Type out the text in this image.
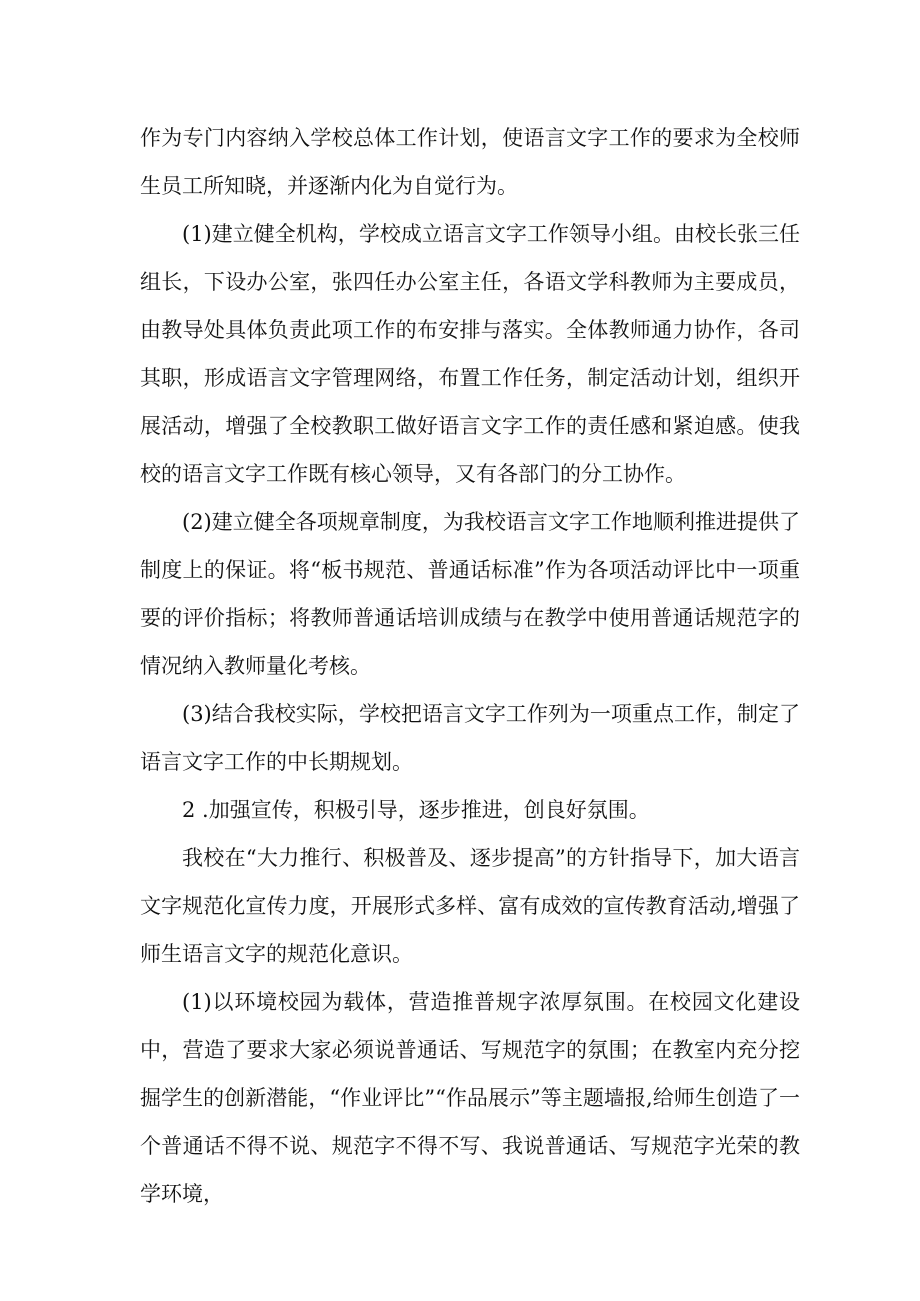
作为专门内容纳入学校总体工作计划，使语言文字工作的要求为全校师生员工所知晓，并逐渐内化为自觉行为。

(1)建立健全机构，学校成立语言文字工作领导小组。由校长张三任组长，下设办公室，张四任办公室主任，各语文学科教师为主要成员，由教导处具体负责此项工作的布安排与落实。全体教师通力协作，各司其职，形成语言文字管理网络，布置工作任务，制定活动计划，组织开展活动，增强了全校教职工做好语言文字工作的责任感和紧迫感。使我校的语言文字工作既有核心领导，又有各部门的分工协作。

(2)建立健全各项规章制度，为我校语言文字工作地顺利推进提供了制度上的保证。将“板书规范、普通话标准”作为各项活动评比中一项重要的评价指标；将教师普通话培训成绩与在教学中使用普通话规范字的情况纳入教师量化考核。

(3)结合我校实际，学校把语言文字工作列为一项重点工作，制定了语言文字工作的中长期规划。

2 .加强宣传，积极引导，逐步推进，创良好氛围。

我校在“大力推行、积极普及、逐步提高”的方针指导下，加大语言文字规范化宣传力度，开展形式多样、富有成效的宣传教育活动,增强了师生语言文字的规范化意识。

(1)以环境校园为载体，营造推普规字浓厚氛围。在校园文化建设中，营造了要求大家必须说普通话、写规范字的氛围；在教室内充分挖掘学生的创新潜能，“作业评比”“作品展示”等主题墙报,给师生创造了一个普通话不得不说、规范字不得不写、我说普通话、写规范字光荣的教学环境，
